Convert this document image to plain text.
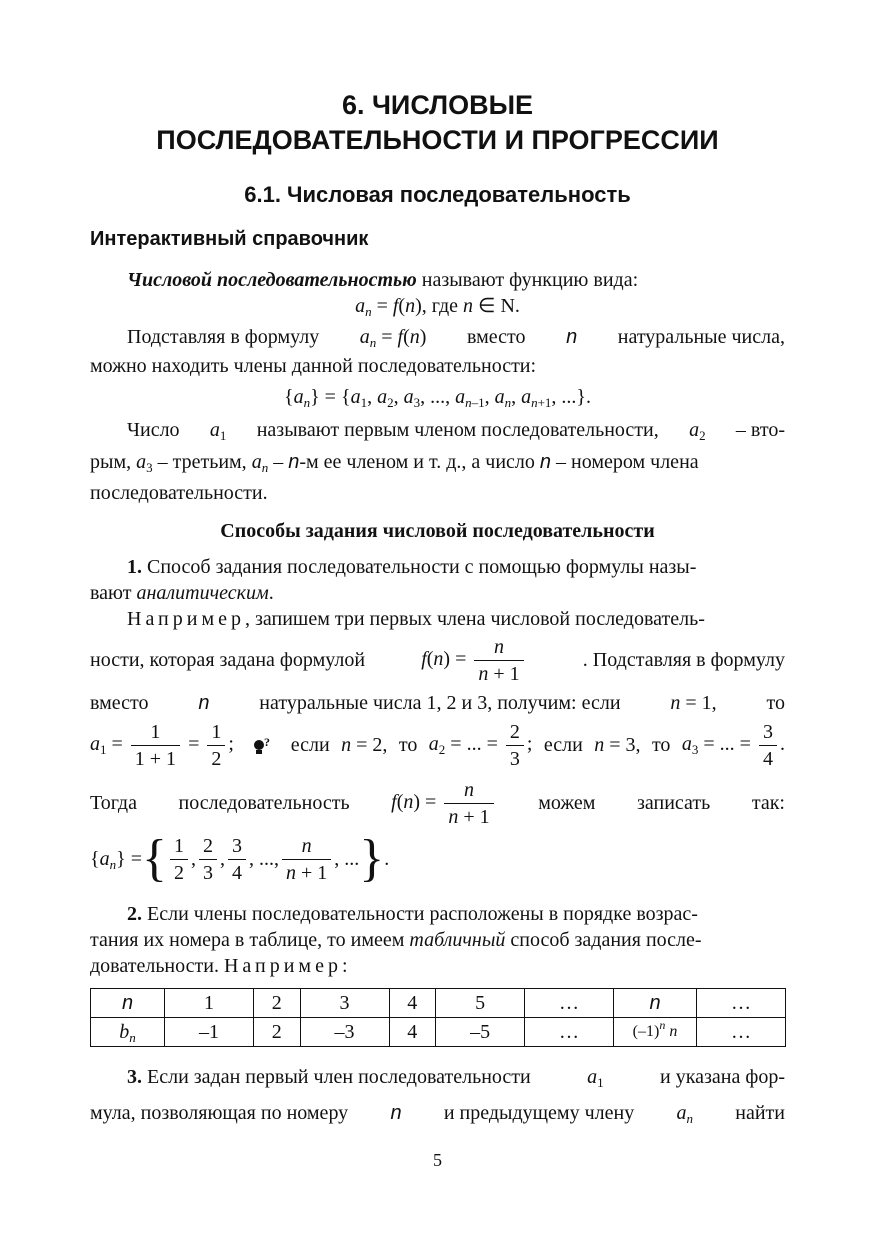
6. ЧИСЛОВЫЕ
ПОСЛЕДОВАТЕЛЬНОСТИ И ПРОГРЕССИИ
6.1. Числовая последовательность
Интерактивный справочник
Числовой последовательностью называют функцию вида:
$a_n = f(n)$, где n ∈ N.
Подставляя в формулу $a_n = f(n)$ вместо n натуральные числа,
можно находить члены данной последовательности:
$\{a_n\} = \{a_1$, $a_2$, $a_3$, ..., $a_{n-1}$, $a_n$, $a_{n+1}$, ...}.
Число $a_1$ называют первым членом последовательности, $a_2 - вто-$
рым, $a_3$ – третьим, $a_n - n-м$ ее членом и т. д., а число n – номером члена
последовательности.
Способы задания числовой последовательности
1. Способ задания последовательности с помощью формулы назы-
вают аналитическим.
Например, запишем три первых члена числовой последователь-
ности, которая задана формулой	$f(n) = \frac{n}{n + 1}$	. Подставляя в формулу
вместо n натуральные числа 1, 2 и 3, получим: если n = 1, то
$a_1 = \frac{1}{1 + 1} = \frac{1}{2}$ ;	? если n = 2, то $a_2$ = ... = $\frac{2}{3}$ ; если n = 3, то $a_3$ = ... = $\frac{3}{4}$ .
Тогда последовательность $f(n) = \frac{n}{n + 1}$ можем записать так:
$\{a_n\}$ = { $\frac{1}{2}$ , $\frac{2}{3}$ , $\frac{3}{4}$ , ..., $\frac{n}{n + 1}$ , ... } .
2. Если члены последовательности расположены в порядке возрас-
тания их номера в таблице, то имеем табличный способ задания после-
довательности. Например:
n	1	2	3	4	5	…	n	…
$b_n$	–1	2	–3	4	–5	…	$(-1)^n$ n	…
3. Если задан первый член последовательности	$a_1$	и указана фор-
мула, позволяющая по номеру n и предыдущему члену $a_n$ найти
5
